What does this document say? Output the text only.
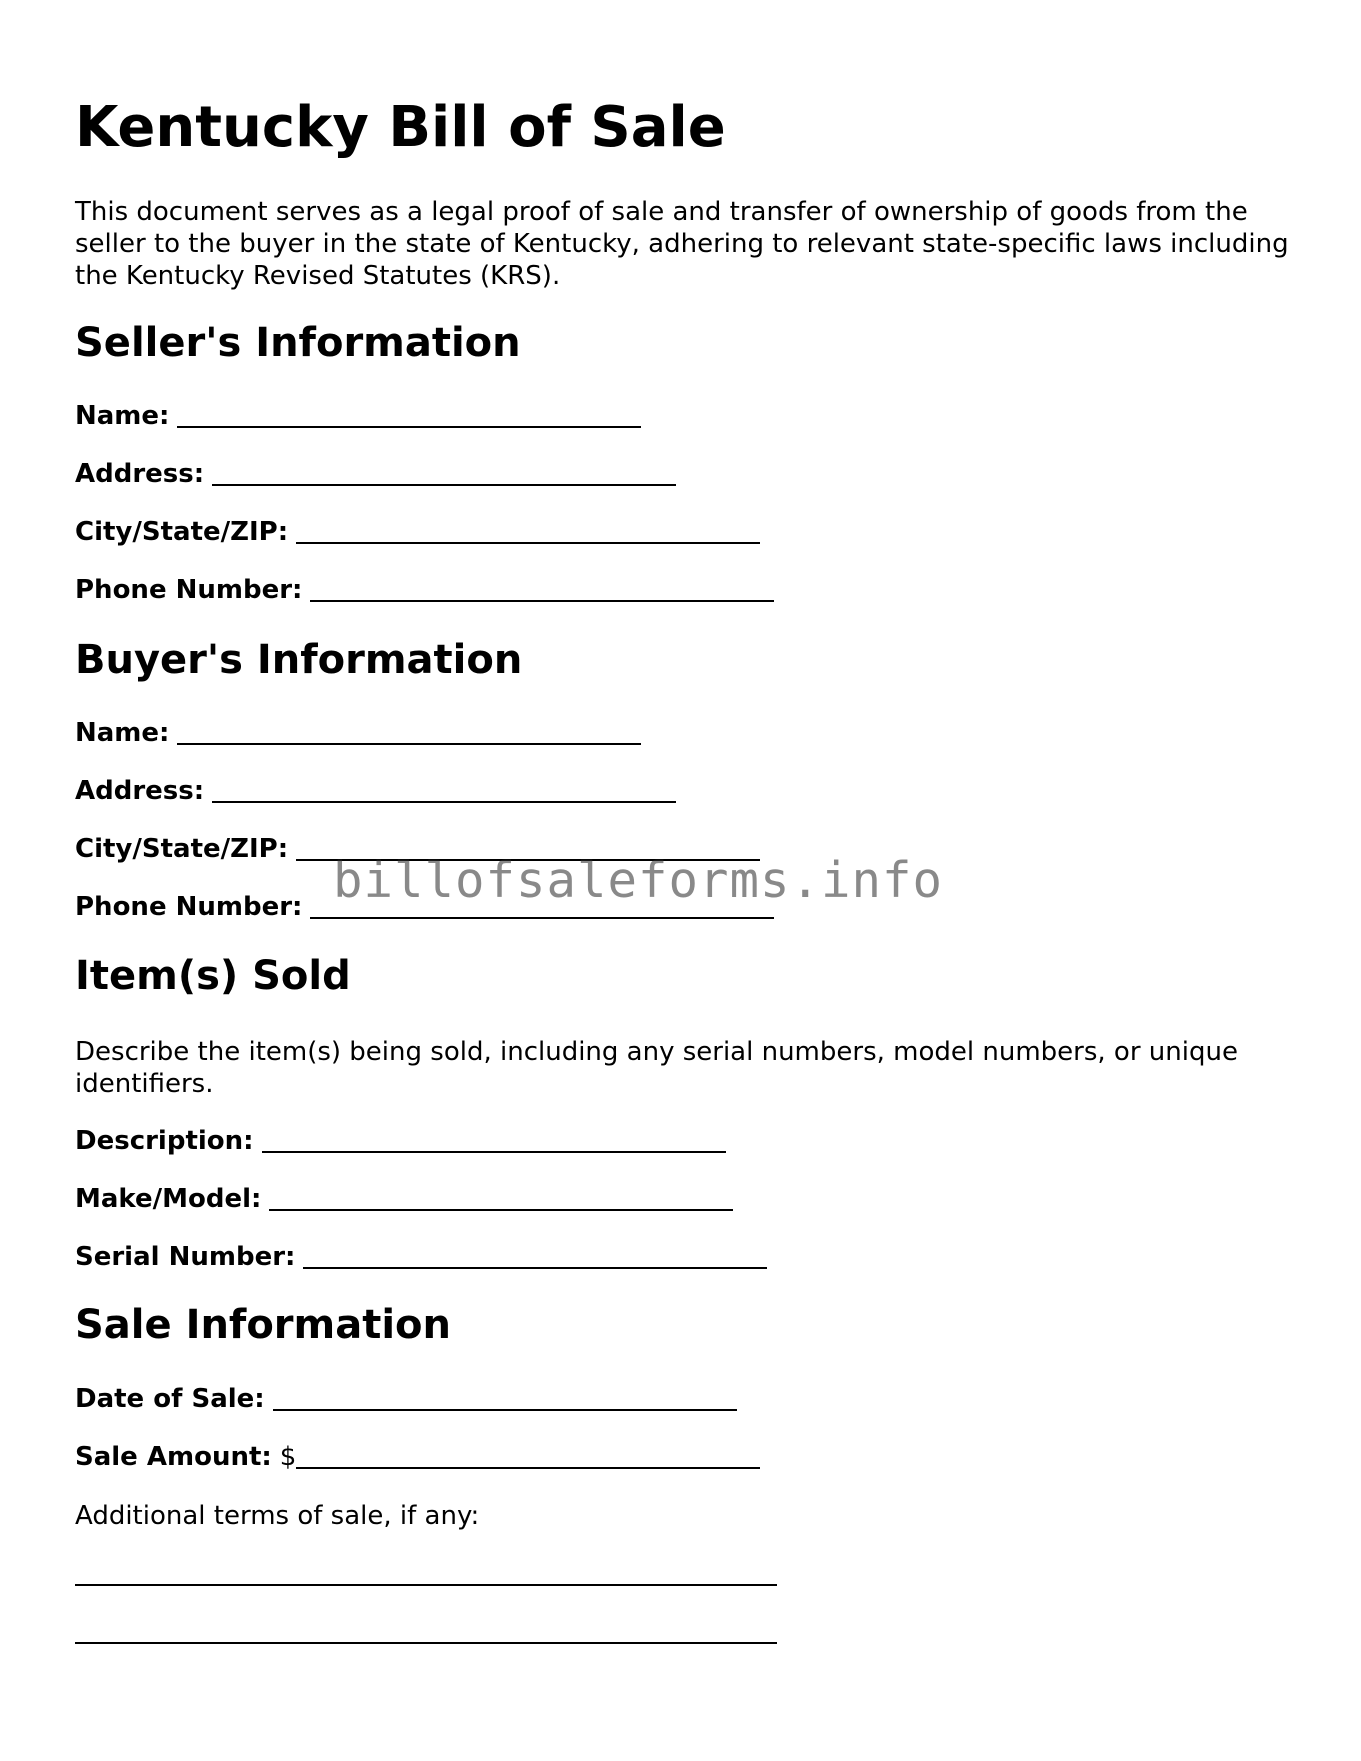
Kentucky Bill of Sale

This document serves as a legal proof of sale and transfer of ownership of goods from the seller to the buyer in the state of Kentucky, adhering to relevant state-specific laws including the Kentucky Revised Statutes (KRS).

Seller's Information
Name:
Address:
City/State/ZIP:
Phone Number:
Buyer's Information
Name:
Address:
City/State/ZIP:
Phone Number:
Item(s) Sold

Describe the item(s) being sold, including any serial numbers, model numbers, or unique identifiers.

Description:
Make/Model:
Serial Number:
Sale Information
Date of Sale:
Sale Amount: $

Additional terms of sale, if any:

billofsaleforms.info
